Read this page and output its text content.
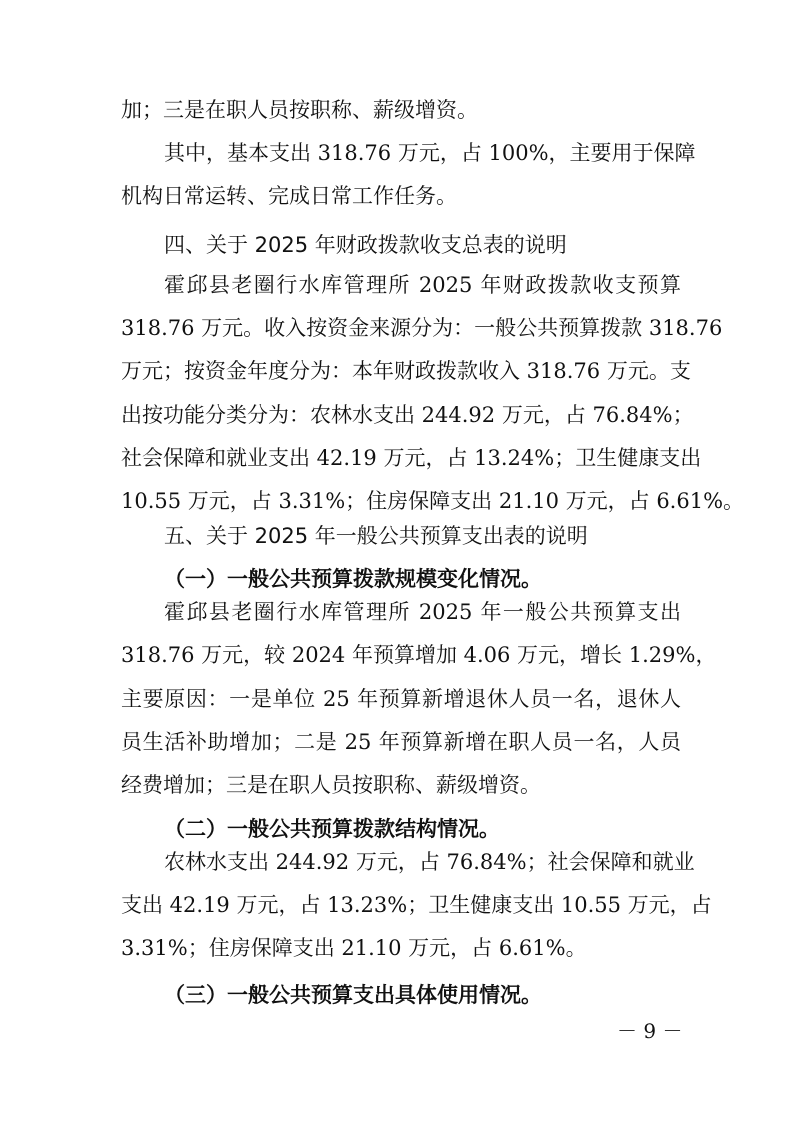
加；三是在职人员按职称、薪级增资。
其中，基本支出 318.76 万元，占 100%，主要用于保障
机构日常运转、完成日常工作任务。
四、关于 2025 年财政拨款收支总表的说明
霍邱县老圈行水库管理所 2025 年财政拨款收支预算
318.76 万元。收入按资金来源分为：一般公共预算拨款 318.76
万元；按资金年度分为：本年财政拨款收入 318.76 万元。支
出按功能分类分为：农林水支出 244.92 万元，占 76.84%；
社会保障和就业支出 42.19 万元，占 13.24%；卫生健康支出
10.55 万元，占 3.31%；住房保障支出 21.10 万元，占 6.61%。
五、关于 2025 年一般公共预算支出表的说明
（一）一般公共预算拨款规模变化情况。
霍邱县老圈行水库管理所 2025 年一般公共预算支出
318.76 万元，较 2024 年预算增加 4.06 万元，增长 1.29%，
主要原因：一是单位 25 年预算新增退休人员一名，退休人
员生活补助增加；二是 25 年预算新增在职人员一名，人员
经费增加；三是在职人员按职称、薪级增资。
（二）一般公共预算拨款结构情况。
农林水支出 244.92 万元，占 76.84%；社会保障和就业
支出 42.19 万元，占 13.23%；卫生健康支出 10.55 万元，占
3.31%；住房保障支出 21.10 万元，占 6.61%。
（三）一般公共预算支出具体使用情况。
－ 9 －
